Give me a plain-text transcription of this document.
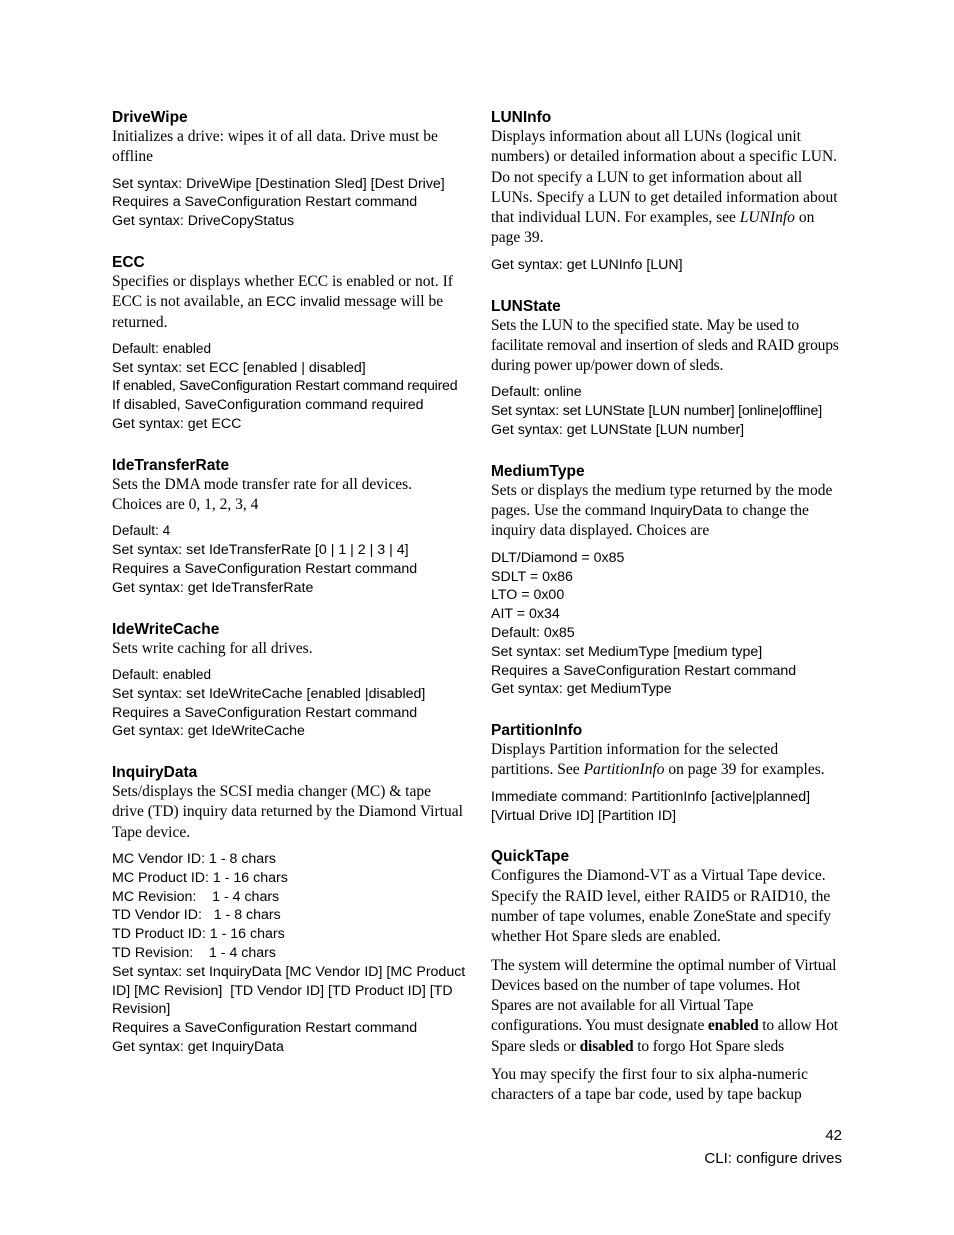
DriveWipe

Initializes a drive: wipes it of all data. Drive must be offline

Set syntax: DriveWipe [Destination Sled] [Dest Drive]

Requires a SaveConfiguration Restart command

Get syntax: DriveCopyStatus

ECC

Specifies or displays whether ECC is enabled or not. If ECC is not available, an ECC invalid message will be returned.

Default: enabled

Set syntax: set ECC [enabled | disabled]

If enabled, SaveConfiguration Restart command required

If disabled, SaveConfiguration command required

Get syntax: get ECC

IdeTransferRate

Sets the DMA mode transfer rate for all devices. Choices are 0, 1, 2, 3, 4

Default: 4

Set syntax: set IdeTransferRate [0 | 1 | 2 | 3 | 4]

Requires a SaveConfiguration Restart command

Get syntax: get IdeTransferRate

IdeWriteCache

Sets write caching for all drives.

Default: enabled

Set syntax: set IdeWriteCache [enabled |disabled]

Requires a SaveConfiguration Restart command

Get syntax: get IdeWriteCache

InquiryData

Sets/displays the SCSI media changer (MC) & tape drive (TD) inquiry data returned by the Diamond Virtual Tape device.

MC Vendor ID: 1 - 8 chars

MC Product ID: 1 - 16 chars

MC Revision:    1 - 4 chars

TD Vendor ID:   1 - 8 chars

TD Product ID: 1 - 16 chars

TD Revision:    1 - 4 chars

Set syntax: set InquiryData [MC Vendor ID] [MC Product

ID] [MC Revision]  [TD Vendor ID] [TD Product ID] [TD

Revision]

Requires a SaveConfiguration Restart command

Get syntax: get InquiryData

LUNInfo

Displays information about all LUNs (logical unit numbers) or detailed information about a specific LUN. Do not specify a LUN to get information about all LUNs. Specify a LUN to get detailed information about that individual LUN. For examples, see LUNInfo on page 39.

Get syntax: get LUNInfo [LUN]

LUNState

Sets the LUN to the specified state. May be used to facilitate removal and insertion of sleds and RAID groups during power up/power down of sleds.

Default: online

Set syntax: set LUNState [LUN number] [online|offline]

Get syntax: get LUNState [LUN number]

MediumType

Sets or displays the medium type returned by the mode pages. Use the command InquiryData to change the inquiry data displayed. Choices are

DLT/Diamond = 0x85

SDLT = 0x86

LTO = 0x00

AIT = 0x34

Default: 0x85

Set syntax: set MediumType [medium type]

Requires a SaveConfiguration Restart command

Get syntax: get MediumType

PartitionInfo

Displays Partition information for the selected partitions. See PartitionInfo on page 39 for examples.

Immediate command: PartitionInfo [active|planned]

[Virtual Drive ID] [Partition ID]

QuickTape

Configures the Diamond-VT as a Virtual Tape device. Specify the RAID level, either RAID5 or RAID10, the number of tape volumes, enable ZoneState and specify whether Hot Spare sleds are enabled.

The system will determine the optimal number of Virtual Devices based on the number of tape volumes. Hot Spares are not available for all Virtual Tape configurations. You must designate enabled to allow Hot Spare sleds or disabled to forgo Hot Spare sleds

You may specify the first four to six alpha-numeric characters of a tape bar code, used by tape backup

42
CLI: configure drives
